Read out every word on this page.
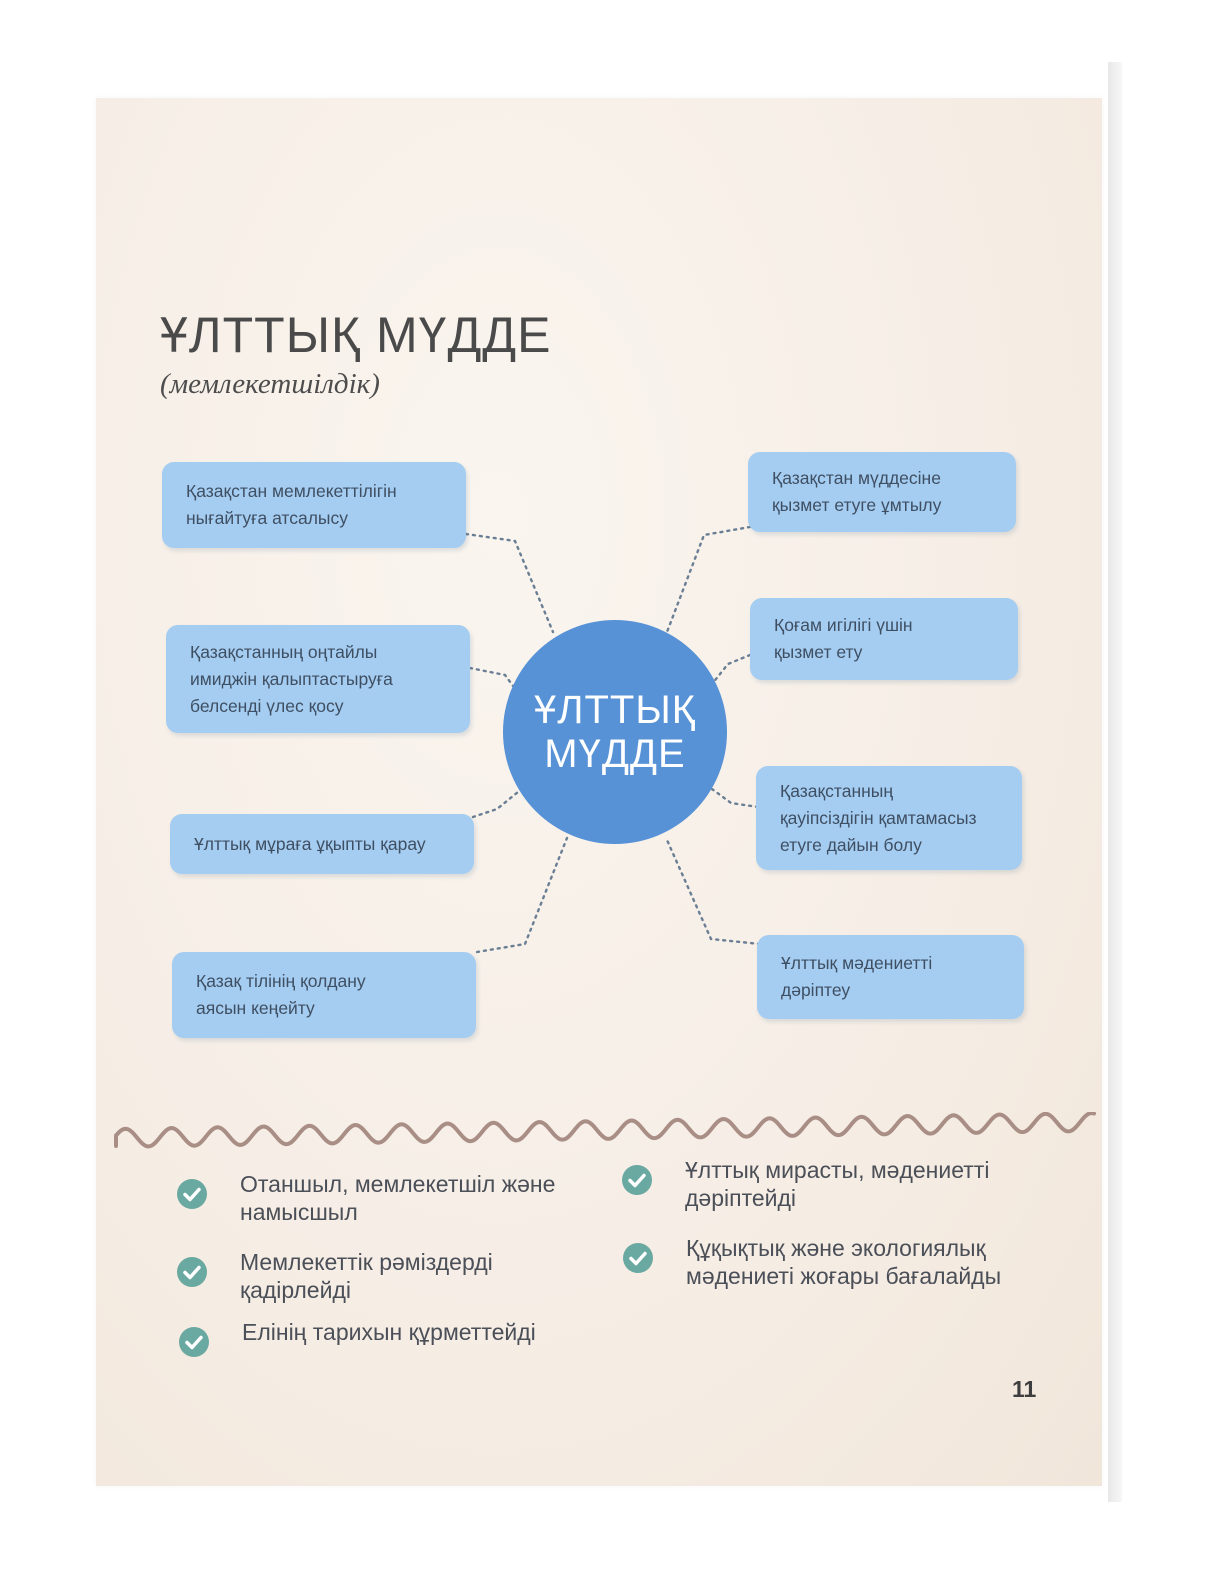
ҰЛТТЫҚ МҮДДЕ
(мемлекетшілдік)
Қазақстан мемлекеттілігін
нығайтуға атсалысу
Қазақстанның оңтайлы
имиджін қалыптастыруға
белсенді үлес қосу
Ұлттық мұраға ұқыпты қарау
Қазақ тілінің қолдану
аясын кеңейту
Қазақстан мүддесіне
қызмет етуге ұмтылу
Қоғам игілігі үшін
қызмет ету
Қазақстанның
қауіпсіздігін қамтамасыз
етуге дайын болу
Ұлттық мәдениетті
дәріптеу
ҰЛТТЫҚ
МҮДДЕ
Отаншыл, мемлекетшіл және
намысшыл
Мемлекеттік рәміздерді
қадірлейді
Елінің тарихын құрметтейді
Ұлттық мирасты, мәдениетті
дәріптейді
Құқықтық және экологиялық
мәдениеті жоғары бағалайды
11
